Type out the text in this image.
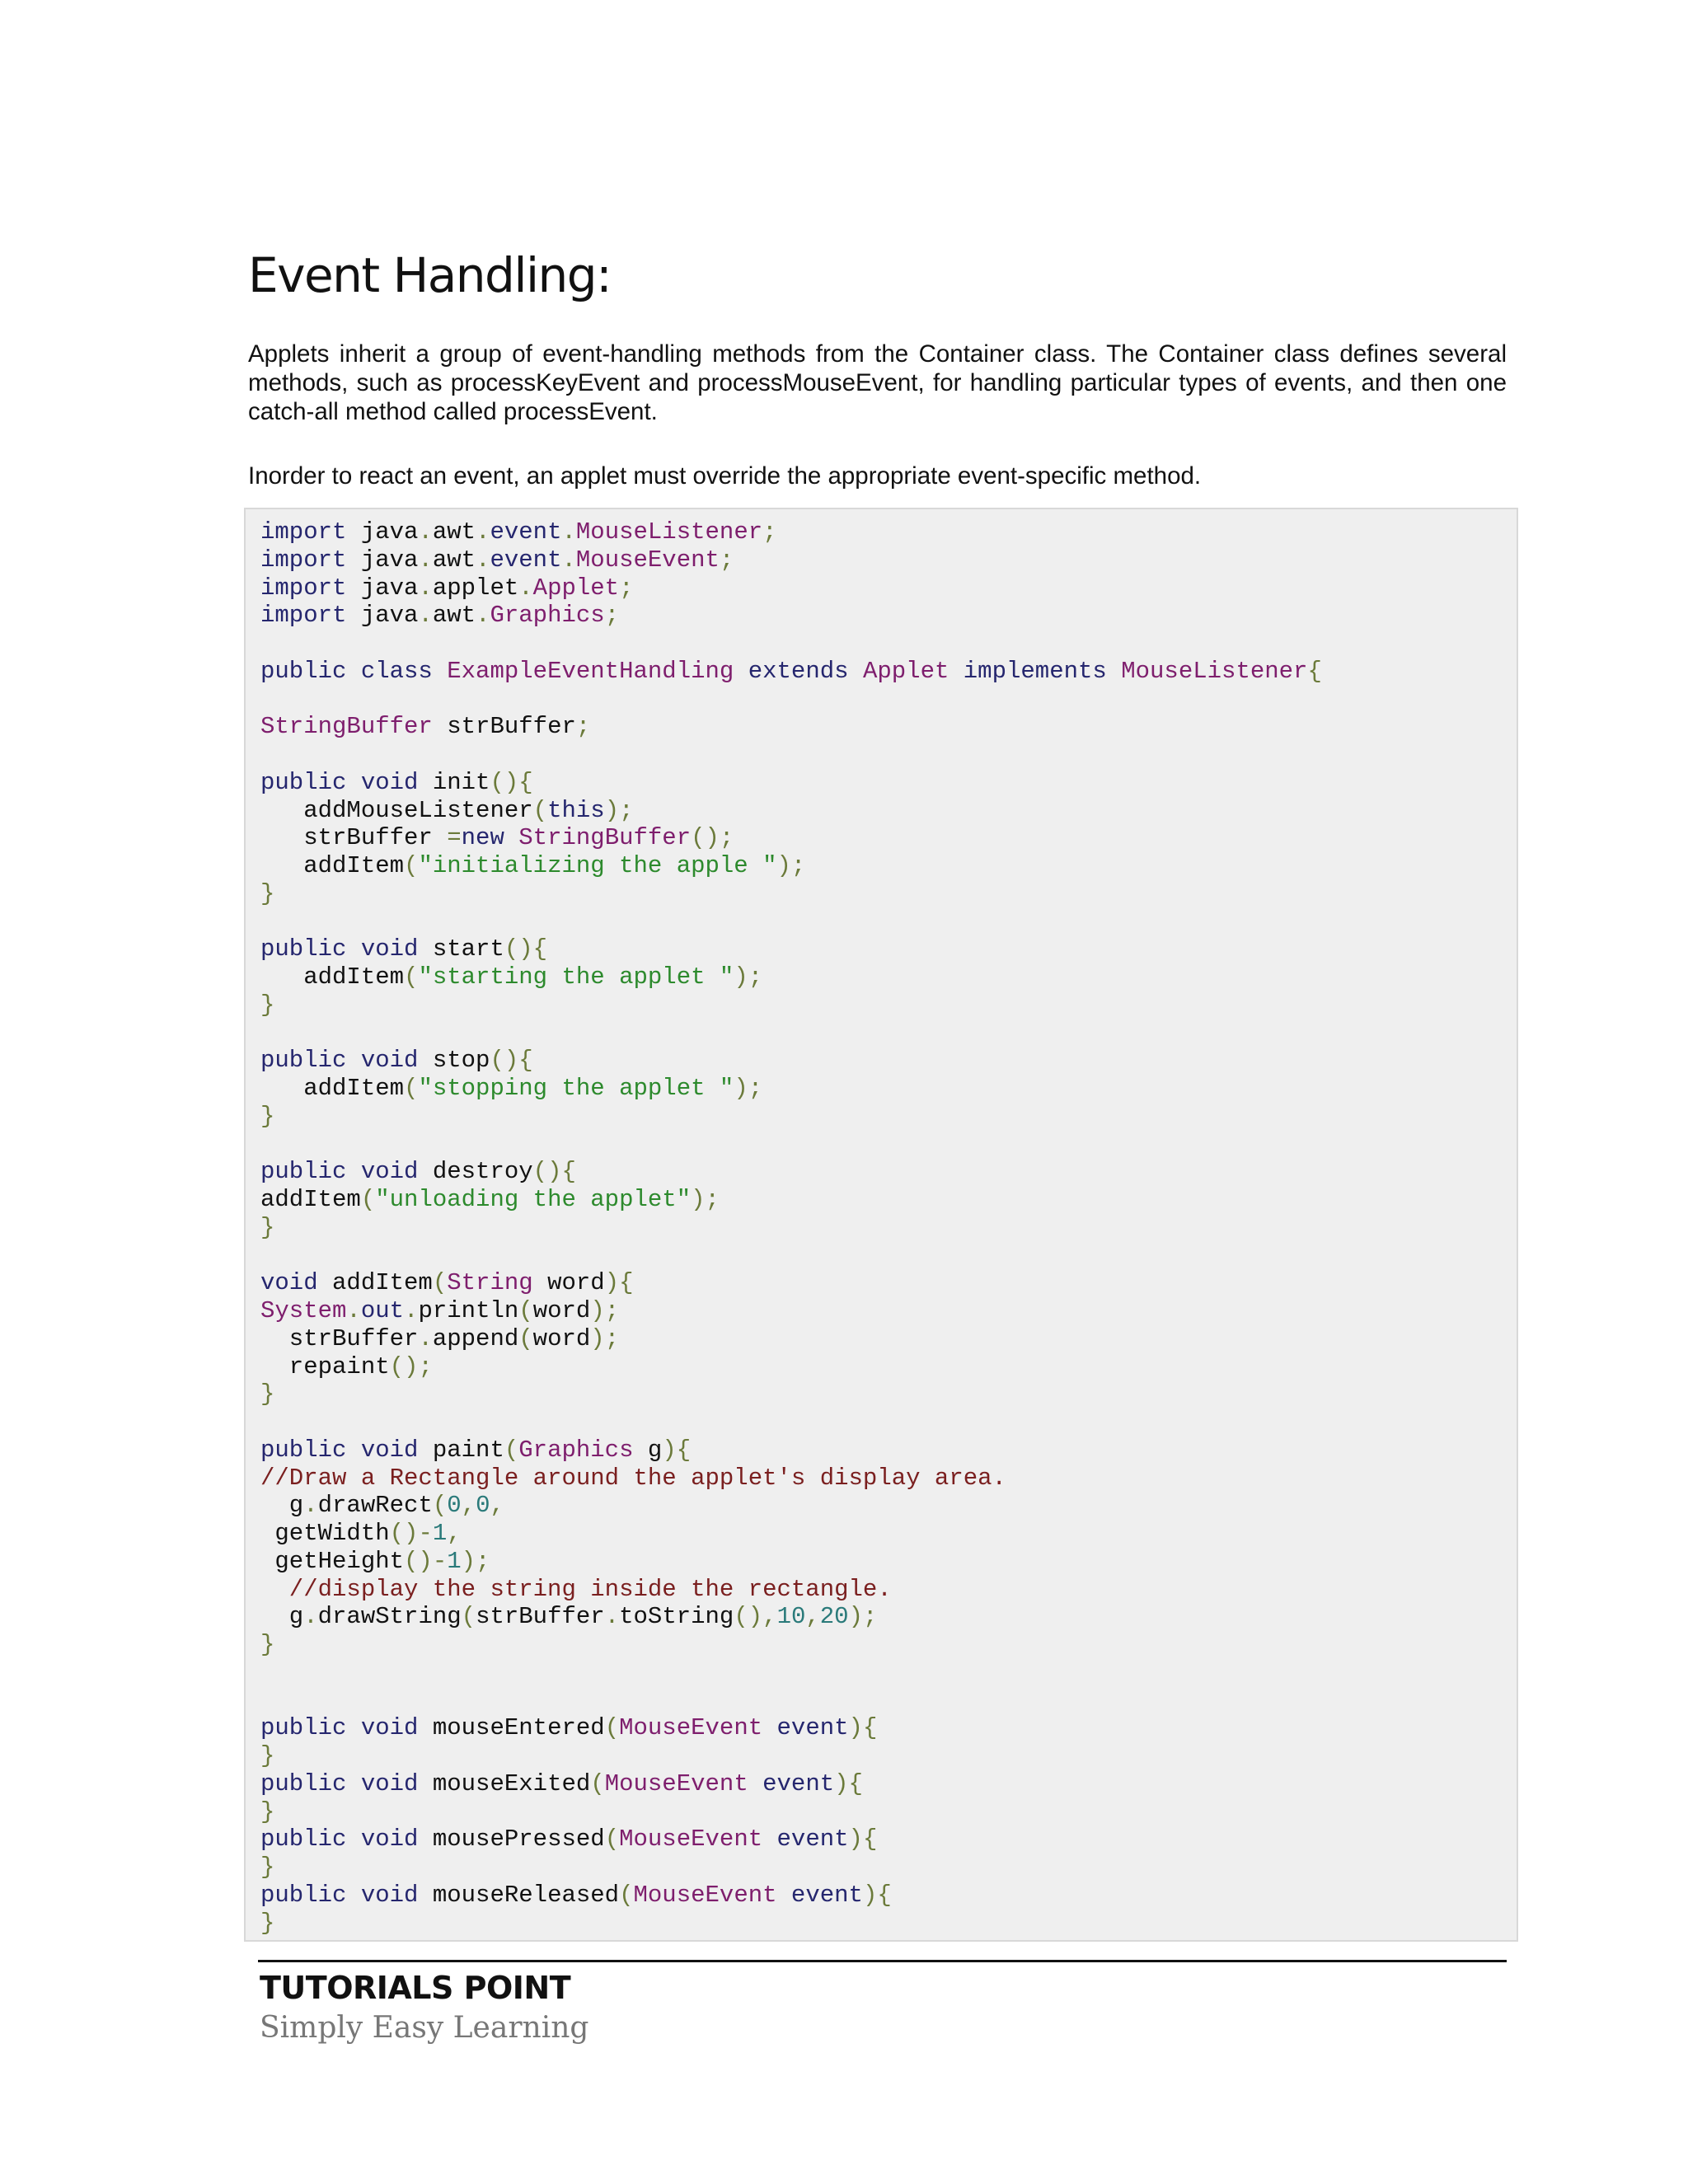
Event Handling:

Applets inherit a group of event-handling methods from the Container class. The Container class defines several methods, such as processKeyEvent and processMouseEvent, for handling particular types of events, and then one catch-all method called processEvent.

Inorder to react an event, an applet must override the appropriate event-specific method.

import java.awt.event.MouseListener;
import java.awt.event.MouseEvent;
import java.applet.Applet;
import java.awt.Graphics;

public class ExampleEventHandling extends Applet implements MouseListener{

StringBuffer strBuffer;

public void init(){
addMouseListener(this);
strBuffer =new StringBuffer();
addItem("initializing the apple ");
}

public void start(){
addItem("starting the applet ");
}

public void stop(){
addItem("stopping the applet ");
}

public void destroy(){
addItem("unloading the applet");
}

void addItem(String word){
System.out.println(word);
strBuffer.append(word);
repaint();
}

public void paint(Graphics g){
//Draw a Rectangle around the applet's display area.
g.drawRect(0,0,
getWidth()-1,
getHeight()-1);
//display the string inside the rectangle.
g.drawString(strBuffer.toString(),10,20);
}

public void mouseEntered(MouseEvent event){
}
public void mouseExited(MouseEvent event){
}
public void mousePressed(MouseEvent event){
}
public void mouseReleased(MouseEvent event){
}
TUTORIALS POINT
Simply Easy Learning
